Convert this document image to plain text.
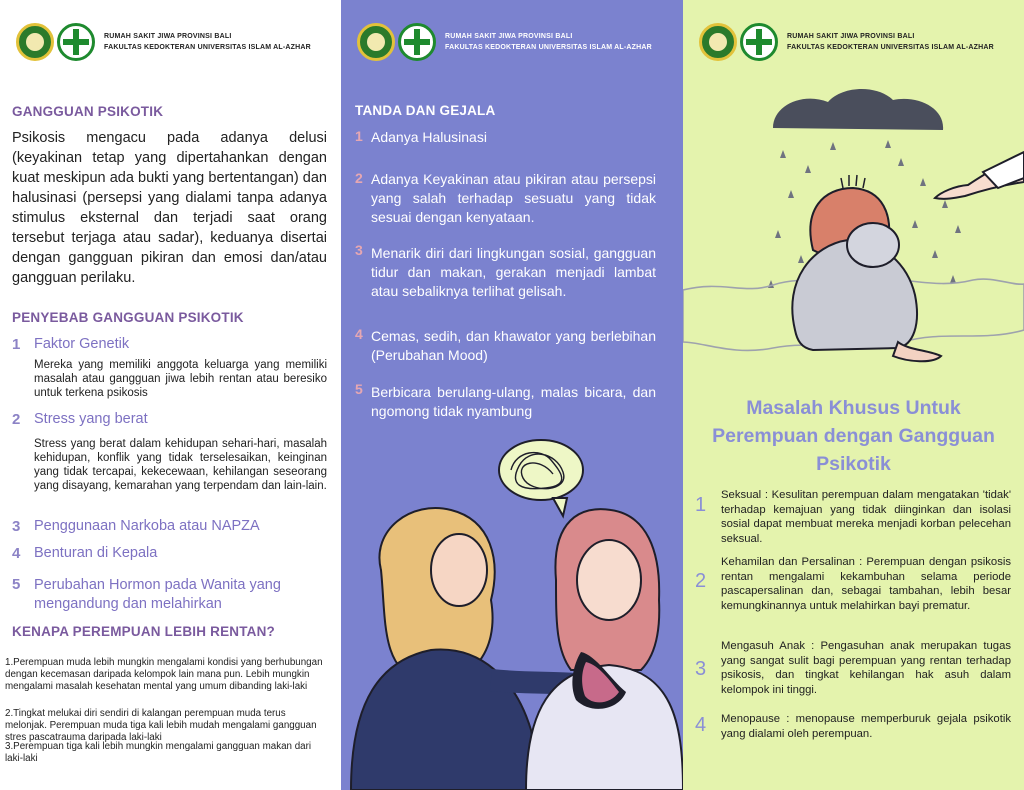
RUMAH SAKIT JIWA PROVINSI BALI
FAKULTAS KEDOKTERAN UNIVERSITAS ISLAM AL-AZHAR
GANGGUAN PSIKOTIK
Psikosis mengacu pada adanya delusi (keyakinan tetap yang dipertahankan dengan kuat meskipun ada bukti yang bertentangan) dan halusinasi (persepsi yang dialami tanpa adanya stimulus eksternal dan terjadi saat orang tersebut terjaga atau sadar), keduanya disertai dengan gangguan pikiran dan emosi dan/atau gangguan perilaku.
PENYEBAB GANGGUAN PSIKOTIK
1 Faktor Genetik
Mereka yang memiliki anggota keluarga yang memiliki masalah atau gangguan jiwa lebih rentan atau beresiko untuk terkena psikosis
2 Stress yang berat
Stress yang berat dalam kehidupan sehari-hari, masalah kehidupan, konflik yang tidak terselesaikan, keinginan yang tidak tercapai, kekecewaan, kehilangan seseorang yang disayang, kemarahan yang terpendam dan lain-lain.
3 Penggunaan Narkoba atau NAPZA
4 Benturan di Kepala
5 Perubahan Hormon pada Wanita yang mengandung dan melahirkan
KENAPA PEREMPUAN LEBIH RENTAN?
1.Perempuan muda lebih mungkin mengalami kondisi yang berhubungan dengan kecemasan daripada kelompok lain mana pun. Lebih mungkin mengalami masalah kesehatan mental yang umum dibanding laki-laki
2.Tingkat melukai diri sendiri di kalangan perempuan muda terus melonjak. Perempuan muda tiga kali lebih mudah mengalami gangguan stres pascatrauma daripada laki-laki
3.Perempuan tiga kali lebih mungkin mengalami gangguan makan dari laki-laki
RUMAH SAKIT JIWA PROVINSI BALI
FAKULTAS KEDOKTERAN UNIVERSITAS ISLAM AL-AZHAR
TANDA DAN GEJALA
1 Adanya Halusinasi
2 Adanya Keyakinan atau pikiran atau persepsi yang salah terhadap sesuatu yang tidak sesuai dengan kenyataan.
3 Menarik diri dari lingkungan sosial, gangguan tidur dan makan, gerakan menjadi lambat atau sebaliknya terlihat gelisah.
4 Cemas, sedih, dan khawator yang berlebihan (Perubahan Mood)
5 Berbicara berulang-ulang, malas bicara, dan ngomong tidak nyambung
RUMAH SAKIT JIWA PROVINSI BALI
FAKULTAS KEDOKTERAN UNIVERSITAS ISLAM AL-AZHAR
Masalah Khusus Untuk
Perempuan dengan Gangguan
Psikotik
1 Seksual : Kesulitan perempuan dalam mengatakan 'tidak' terhadap kemajuan yang tidak diinginkan dan isolasi sosial dapat membuat mereka menjadi korban pelecehan seksual.
2
Kehamilan dan Persalinan : Perempuan dengan psikosis rentan mengalami kekambuhan selama periode pascapersalinan dan, sebagai tambahan, lebih besar kemungkinannya untuk melahirkan bayi prematur.
3
Mengasuh Anak : Pengasuhan anak merupakan tugas yang sangat sulit bagi perempuan yang rentan terhadap psikosis, dan tingkat kehilangan hak asuh dalam kelompok ini tinggi.
4 Menopause : menopause memperburuk gejala psikotik yang dialami oleh perempuan.
